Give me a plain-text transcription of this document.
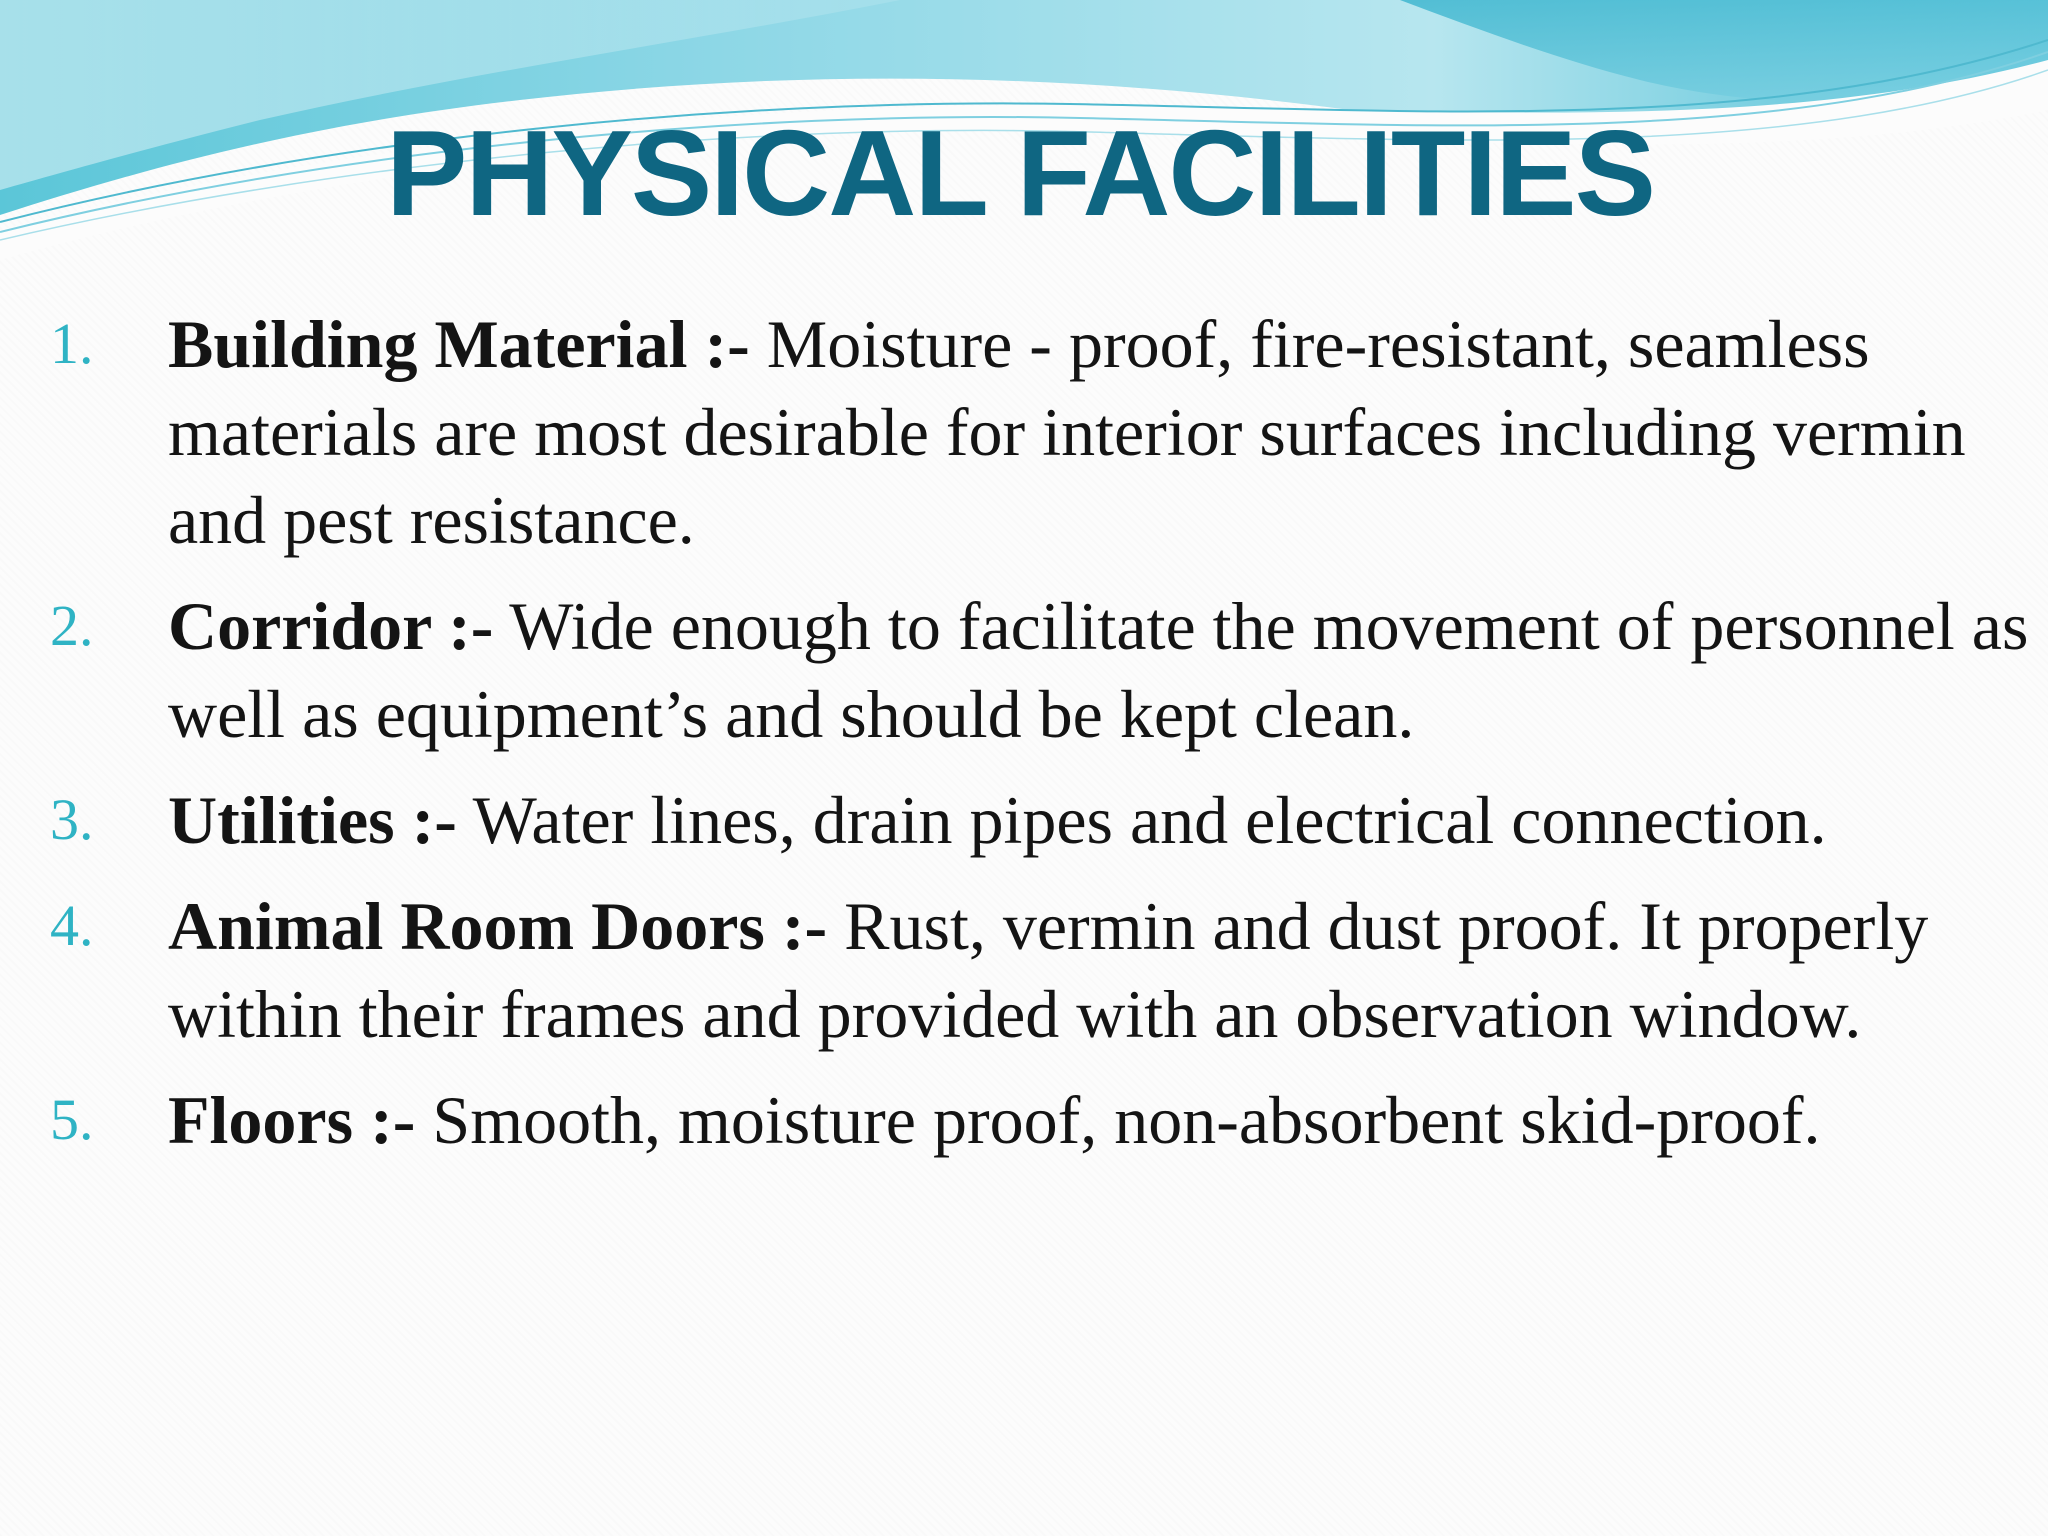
PHYSICAL FACILITIES
1. Building Material :- Moisture - proof, fire-resistant, seamless materials are most desirable for interior surfaces including vermin and pest resistance.
2. Corridor :- Wide enough to facilitate the movement of personnel as well as equipment’s and should be kept clean.
3. Utilities :- Water lines, drain pipes and electrical connection.
4. Animal Room Doors :- Rust, vermin and dust proof. It properly within their frames and provided with an observation window.
5. Floors :- Smooth, moisture proof, non-absorbent skid-proof.
